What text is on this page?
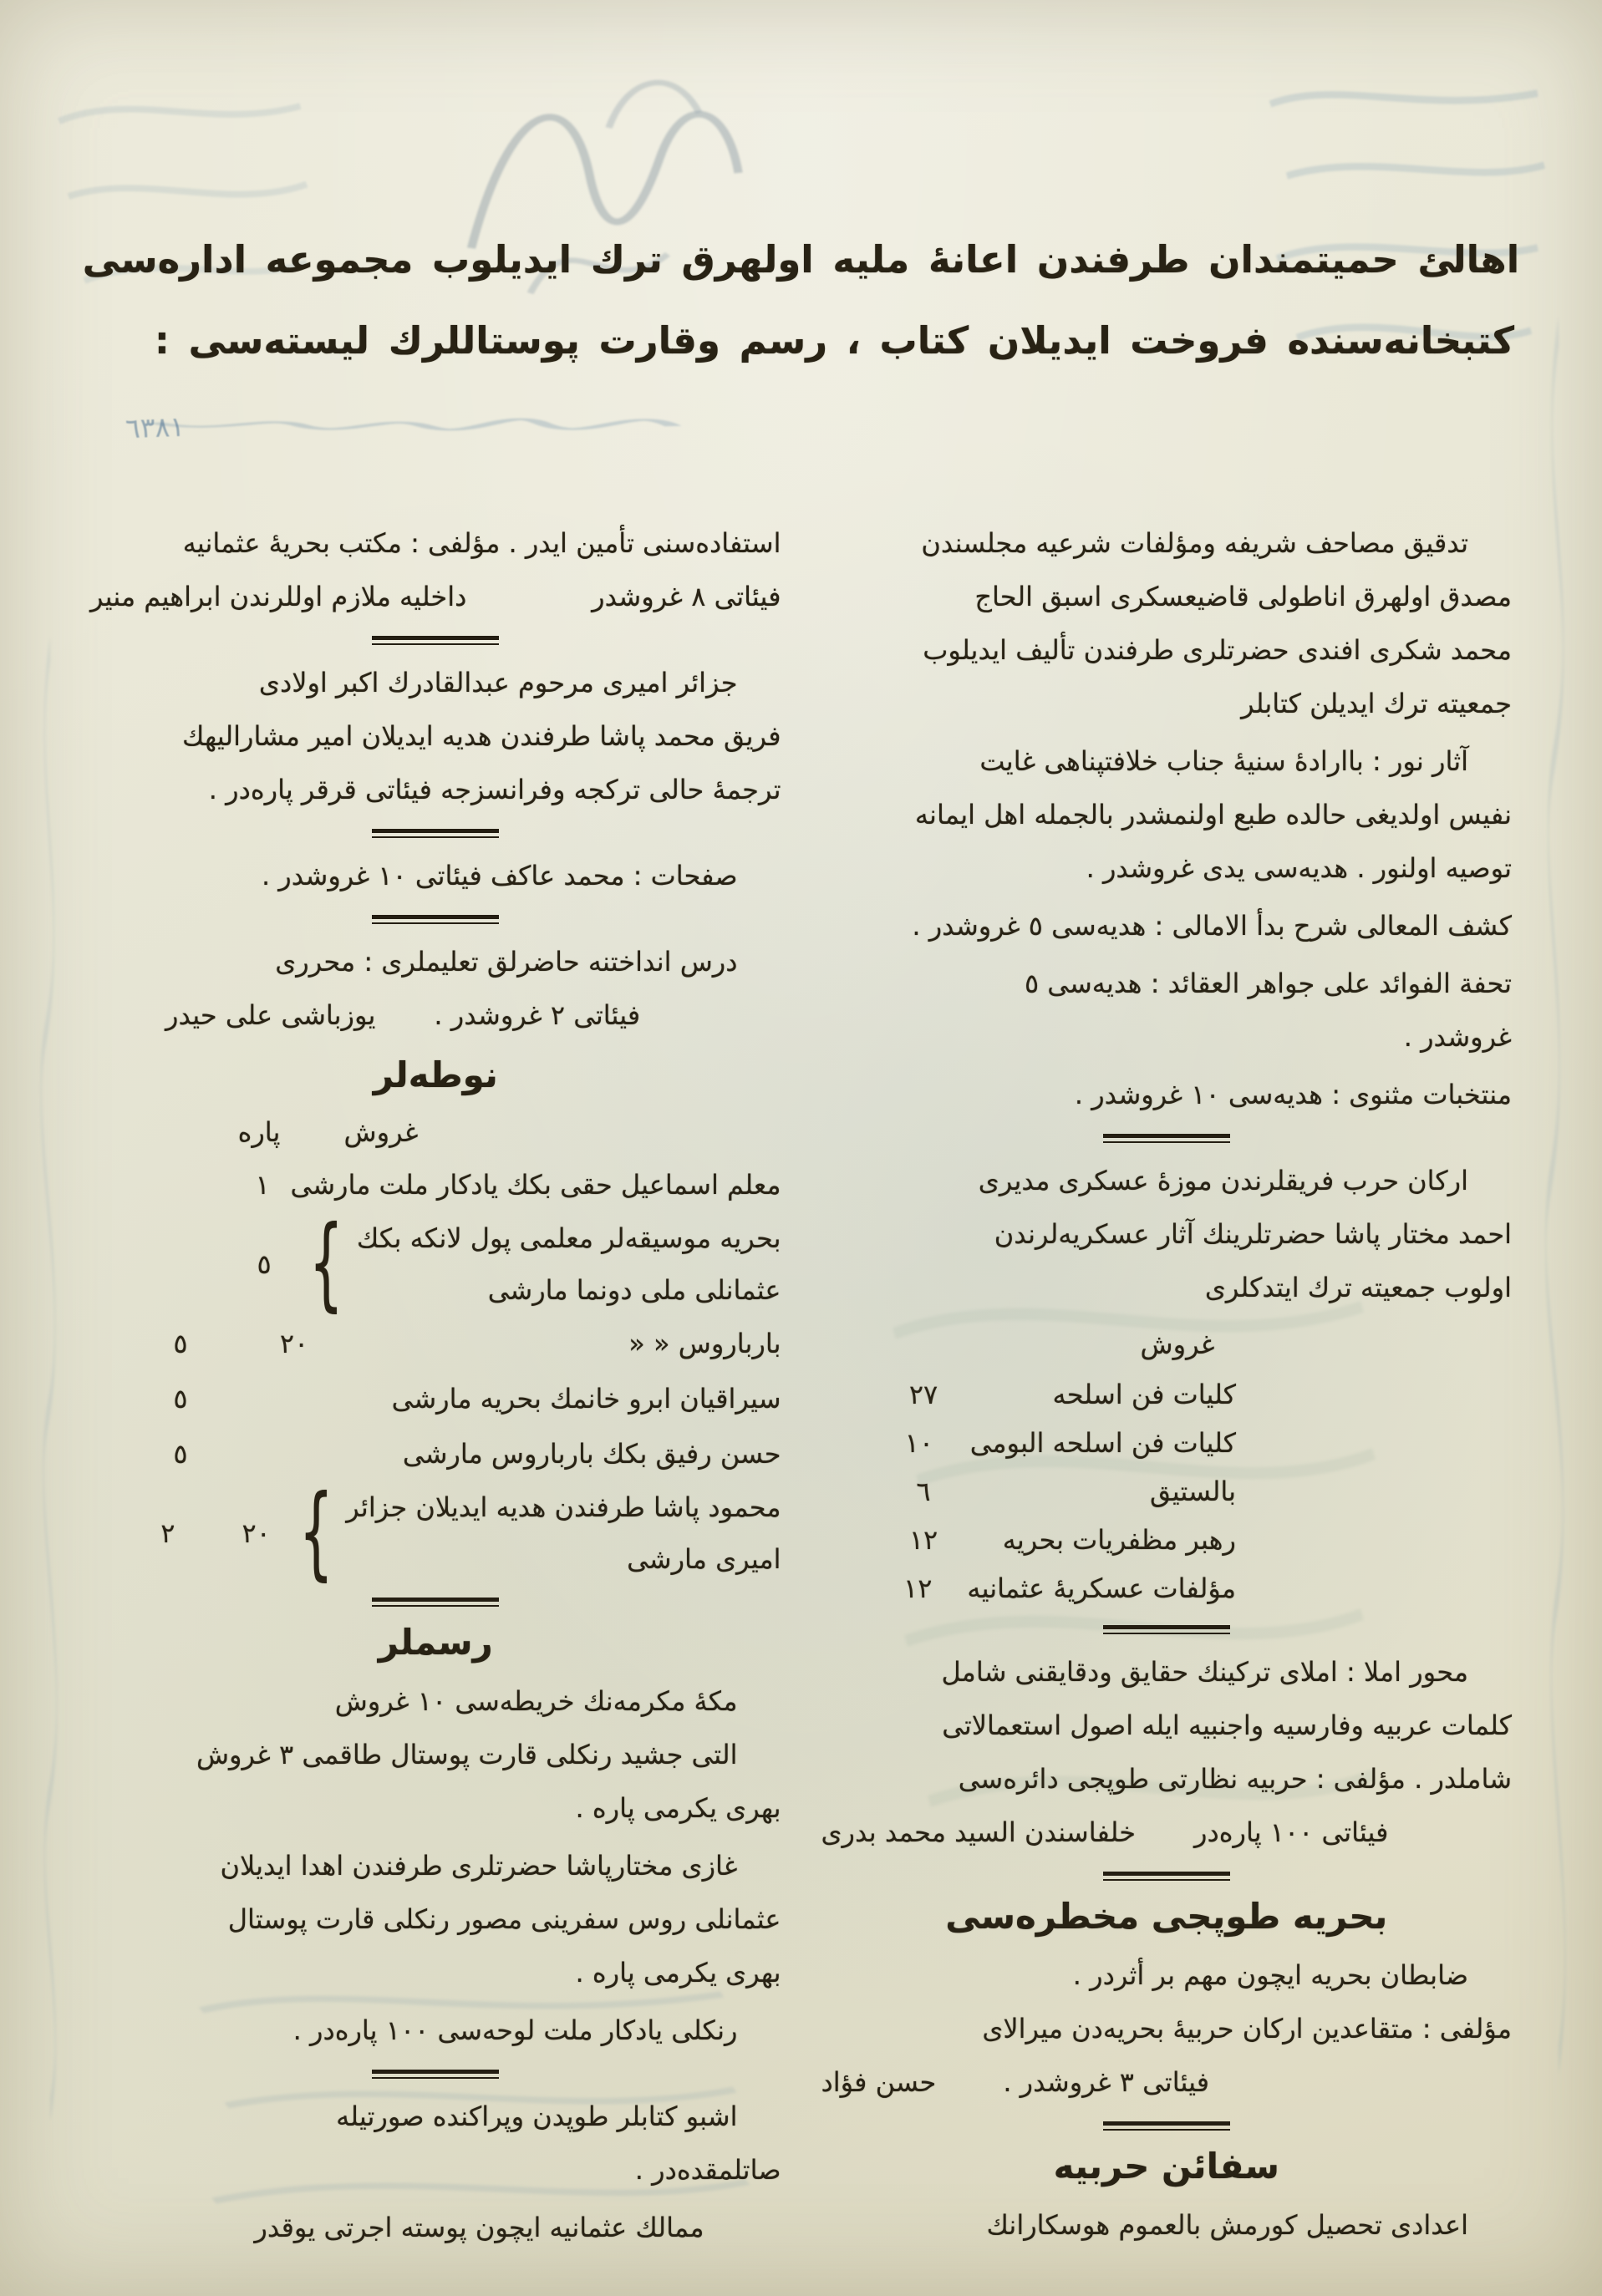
٦٣٨١
اهالئ حميتمندان طرفندن اعانهٔ مليه اولهرق ترك ايديلوب مجموعه اداره‌سى
كتبخانه‌سنده فروخت ايديلان كتاب ، رسم وقارت پوستاللرك ليسته‌سى :
تدقيق مصاحف شريفه ومؤلفات شرعيه مجلسندن
مصدق اولهرق اناطولى قاضيعسكرى اسبق الحاج
محمد شكرى افندى حضرتلرى طرفندن تأليف ايديلوب
جمعيته ترك ايديلن كتابلر
آثار نور : باارادهٔ سنيهٔ جناب خلافتپناهى غايت
نفيس اولديغى حالده طبع اولنمشدر بالجمله اهل ايمانه
توصيه اولنور . هديه‌سى يدى غروشدر .
كشف المعالى شرح بدأ الامالى : هديه‌سى ٥ غروشدر .
تحفة الفوائد على جواهر العقائد : هديه‌سى ٥
غروشدر .
منتخبات مثنوى : هديه‌سى ١٠ غروشدر .
اركان حرب فريقلرندن موزهٔ عسكرى مديرى
احمد مختار پاشا حضرتلرينك آثار عسكريه‌لرندن
اولوب جمعيته ترك ايتدكلرى
غروش
٢٧	كليات فن اسلحه
١٠	كليات فن اسلحه البومى
٦	بالستيق
١٢	رهبر مظفريات بحريه
١٢	مؤلفات عسكريهٔ عثمانيه
محور املا : املاى تركينك حقايق ودقايقنى شامل
كلمات عربيه وفارسيه واجنبيه ايله اصول استعمالاتى
شاملدر . مؤلفى : حربيه نظارتى طوپجى دائره‌سى
خلفاسندن السيد محمد بدرى فيئاتى ١٠٠ پاره‌در
بحريه طوپجى مخطره‌سى
ضابطان بحريه ايچون مهم بر أثردر .
مؤلفى : متقاعدين اركان حربيهٔ بحريه‌دن ميرالاى
حسن فؤاد	فيئاتى ٣ غروشدر .
سفائن حربيه
اعدادى تحصيل كورمش بالعموم هوسكارانك
استفاده‌سنى تأمين ايدر . مؤلفى : مكتب بحريهٔ عثمانيه
داخليه ملازم اوللرندن ابراهيم منير	فيئاتى ٨ غروشدر
جزائر اميرى مرحوم عبدالقادرك اكبر اولادى
فريق محمد پاشا طرفندن هديه ايديلان امير مشاراليهك
ترجمهٔ حالى تركجه وفرانسزجه فيئاتى قرقر پاره‌در .
صفحات : محمد عاكف فيئاتى ١٠ غروشدر .
درس انداختنه حاضرلق تعليملرى : محررى
يوزباشى على حيدر فيئاتى ٢ غروشدر .
نوطه‌لر
پاره	غروش
١ معلم اسماعيل حقى بكك يادكار ملت مارشى
٥ { بحريه موسيقه‌لر معلمى پول لانكه بكك
عثمانلى ملى دونما مارشى
٥	٢٠	بارباروس « «
٥	سيراقيان ابرو خانمك بحريه مارشى
٥	حسن رفيق بكك بارباروس مارشى
٢	٢٠ { محمود پاشا طرفندن هديه ايديلان جزائر
اميرى مارشى
رسملر
مكهٔ مكرمه‌نك خريطه‌سى ١٠ غروش
التى جشيد رنكلى قارت پوستال طاقمى ٣ غروش
بهرى يكرمى پاره .
غازى مختارپاشا حضرتلرى طرفندن اهدا ايديلان
عثمانلى روس سفرينى مصور رنكلى قارت پوستال
بهرى يكرمى پاره .
رنكلى يادكار ملت لوحه‌سى ١٠٠ پاره‌در .
اشبو كتابلر طوپدن وپراكنده صورتيله
صاتلمقده‌در .
ممالك عثمانيه ايچون پوسته اجرتى يوقدر
